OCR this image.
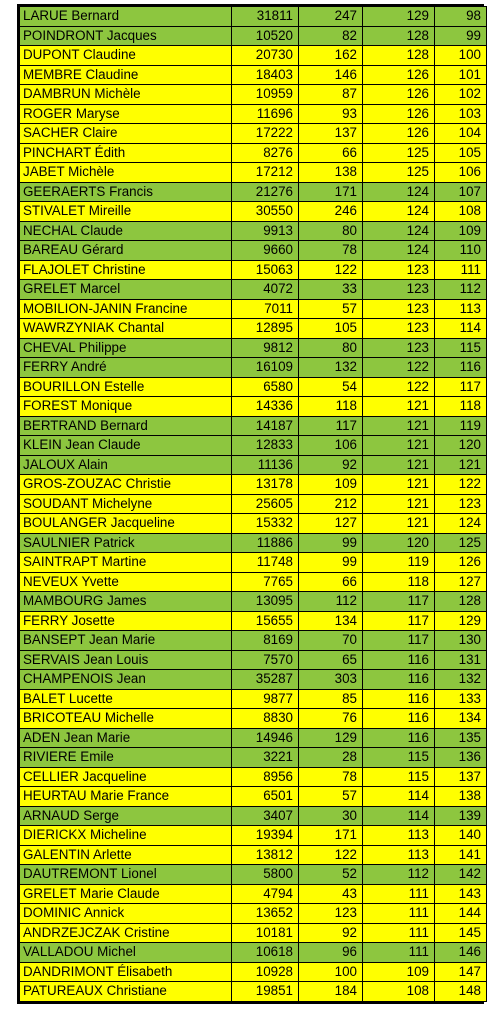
LARUE Bernard	31811	247	129	98
POINDRONT Jacques	10520	82	128	99
DUPONT Claudine	20730	162	128	100
MEMBRE Claudine	18403	146	126	101
DAMBRUN Michèle	10959	87	126	102
ROGER Maryse	11696	93	126	103
SACHER Claire	17222	137	126	104
PINCHART Édith	8276	66	125	105
JABET Michèle	17212	138	125	106
GEERAERTS Francis	21276	171	124	107
STIVALET Mireille	30550	246	124	108
NECHAL Claude	9913	80	124	109
BAREAU Gérard	9660	78	124	110
FLAJOLET Christine	15063	122	123	111
GRELET Marcel	4072	33	123	112
MOBILION-JANIN Francine	7011	57	123	113
WAWRZYNIAK Chantal	12895	105	123	114
CHEVAL Philippe	9812	80	123	115
FERRY André	16109	132	122	116
BOURILLON Estelle	6580	54	122	117
FOREST Monique	14336	118	121	118
BERTRAND Bernard	14187	117	121	119
KLEIN Jean Claude	12833	106	121	120
JALOUX Alain	11136	92	121	121
GROS-ZOUZAC Christie	13178	109	121	122
SOUDANT Michelyne	25605	212	121	123
BOULANGER Jacqueline	15332	127	121	124
SAULNIER Patrick	11886	99	120	125
SAINTRAPT Martine	11748	99	119	126
NEVEUX Yvette	7765	66	118	127
MAMBOURG James	13095	112	117	128
FERRY Josette	15655	134	117	129
BANSEPT Jean Marie	8169	70	117	130
SERVAIS Jean Louis	7570	65	116	131
CHAMPENOIS Jean	35287	303	116	132
BALET Lucette	9877	85	116	133
BRICOTEAU Michelle	8830	76	116	134
ADEN Jean Marie	14946	129	116	135
RIVIERE Emile	3221	28	115	136
CELLIER Jacqueline	8956	78	115	137
HEURTAU Marie France	6501	57	114	138
ARNAUD Serge	3407	30	114	139
DIERICKX Micheline	19394	171	113	140
GALENTIN Arlette	13812	122	113	141
DAUTREMONT Lionel	5800	52	112	142
GRELET Marie Claude	4794	43	111	143
DOMINIC Annick	13652	123	111	144
ANDRZEJCZAK Cristine	10181	92	111	145
VALLADOU Michel	10618	96	111	146
DANDRIMONT Élisabeth	10928	100	109	147
PATUREAUX Christiane	19851	184	108	148
